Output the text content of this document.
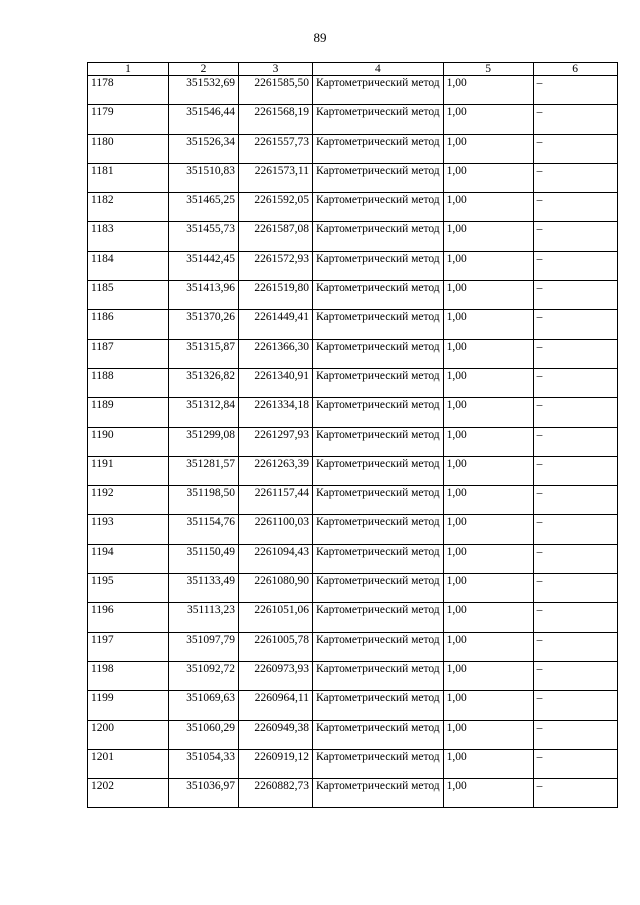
89
1	2	3	4	5	6
1178	351532,69	2261585,50	Картометрический метод	1,00	–
1179	351546,44	2261568,19	Картометрический метод	1,00	–
1180	351526,34	2261557,73	Картометрический метод	1,00	–
1181	351510,83	2261573,11	Картометрический метод	1,00	–
1182	351465,25	2261592,05	Картометрический метод	1,00	–
1183	351455,73	2261587,08	Картометрический метод	1,00	–
1184	351442,45	2261572,93	Картометрический метод	1,00	–
1185	351413,96	2261519,80	Картометрический метод	1,00	–
1186	351370,26	2261449,41	Картометрический метод	1,00	–
1187	351315,87	2261366,30	Картометрический метод	1,00	–
1188	351326,82	2261340,91	Картометрический метод	1,00	–
1189	351312,84	2261334,18	Картометрический метод	1,00	–
1190	351299,08	2261297,93	Картометрический метод	1,00	–
1191	351281,57	2261263,39	Картометрический метод	1,00	–
1192	351198,50	2261157,44	Картометрический метод	1,00	–
1193	351154,76	2261100,03	Картометрический метод	1,00	–
1194	351150,49	2261094,43	Картометрический метод	1,00	–
1195	351133,49	2261080,90	Картометрический метод	1,00	–
1196	351113,23	2261051,06	Картометрический метод	1,00	–
1197	351097,79	2261005,78	Картометрический метод	1,00	–
1198	351092,72	2260973,93	Картометрический метод	1,00	–
1199	351069,63	2260964,11	Картометрический метод	1,00	–
1200	351060,29	2260949,38	Картометрический метод	1,00	–
1201	351054,33	2260919,12	Картометрический метод	1,00	–
1202	351036,97	2260882,73	Картометрический метод	1,00	–
